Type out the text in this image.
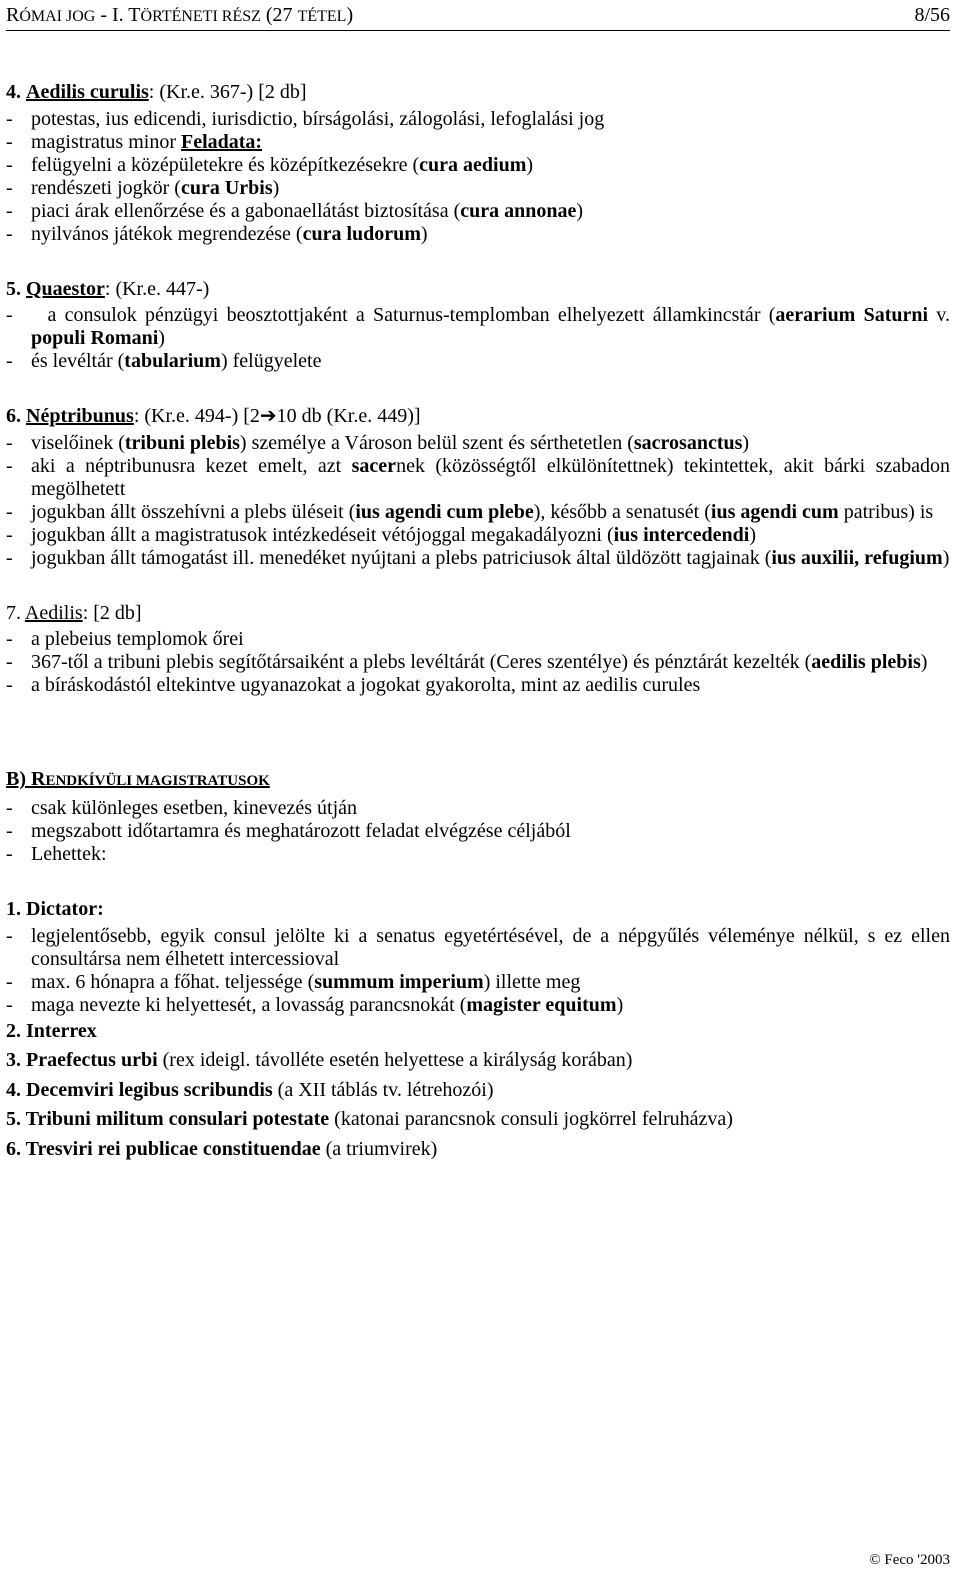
RÓMAI JOG - I. TÖRTÉNETI RÉSZ (27 TÉTEL)	8/56

4. Aedilis curulis: (Kr.e. 367-) [2 db]

- potestas, ius edicendi, iurisdictio, bírságolási, zálogolási, lefoglalási jog
- magistratus minor Feladata:
- felügyelni a középületekre és középítkezésekre (cura aedium)
- rendészeti jogkör (cura Urbis)
- piaci árak ellenőrzése és a gabonaellátást biztosítása (cura annonae)
- nyilvános játékok megrendezése (cura ludorum)

5. Quaestor: (Kr.e. 447-)

- a consulok pénzügyi beosztottjaként a Saturnus-templomban elhelyezett államkincstár (aerarium Saturni v. populi Romani)
- és levéltár (tabularium) felügyelete

6. Néptribunus: (Kr.e. 494-) [2➔10 db (Kr.e. 449)]

- viselőinek (tribuni plebis) személye a Városon belül szent és sérthetetlen (sacrosanctus)
- aki a néptribunusra kezet emelt, azt sacernek (közösségtől elkülönítettnek) tekintettek, akit bárki szabadon megölhetett
- jogukban állt összehívni a plebs üléseit (ius agendi cum plebe), később a senatusét (ius agendi cum patribus) is
- jogukban állt a magistratusok intézkedéseit vétójoggal megakadályozni (ius intercedendi)
- jogukban állt támogatást ill. menedéket nyújtani a plebs patriciusok által üldözött tagjainak (ius auxilii, refugium)

7. Aedilis: [2 db]

- a plebeius templomok őrei
- 367-től a tribuni plebis segítőtársaiként a plebs levéltárát (Ceres szentélye) és pénztárát kezelték (aedilis plebis)
- a bíráskodástól eltekintve ugyanazokat a jogokat gyakorolta, mint az aedilis curules

B) RENDKÍVÜLI MAGISTRATUSOK

- csak különleges esetben, kinevezés útján
- megszabott időtartamra és meghatározott feladat elvégzése céljából
- Lehettek:

1. Dictator:

- legjelentősebb, egyik consul jelölte ki a senatus egyetértésével, de a népgyűlés véleménye nélkül, s ez ellen consultársa nem élhetett intercessioval
- max. 6 hónapra a főhat. teljessége (summum imperium) illette meg
- maga nevezte ki helyettesét, a lovasság parancsnokát (magister equitum)

2. Interrex

3. Praefectus urbi (rex ideigl. távolléte esetén helyettese a királyság korában)

4. Decemviri legibus scribundis (a XII táblás tv. létrehozói)

5. Tribuni militum consulari potestate (katonai parancsnok consuli jogkörrel felruházva)

6. Tresviri rei publicae constituendae (a triumvirek)

© Feco '2003
